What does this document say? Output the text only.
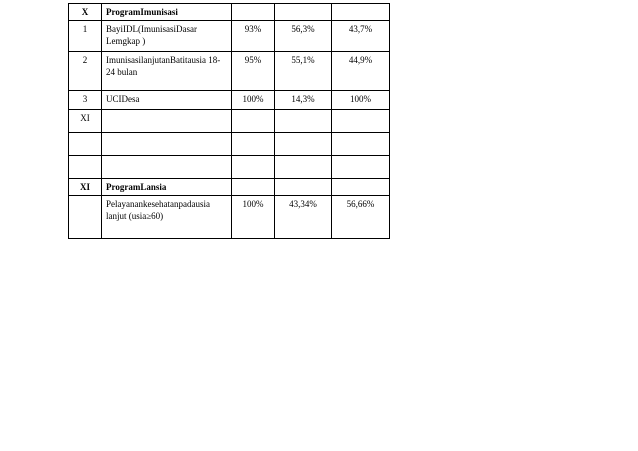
X	ProgramImunisasi			
1	BayiIDL(ImunisasiDasar Lemgkap )	93%	56,3%	43,7%
2	ImunisasilanjutanBatitausia 18-24 bulan	95%	55,1%	44,9%
3	UCIDesa	100%	14,3%	100%
XI				

XI	ProgramLansia			
	Pelayanankesehatanpadausia lanjut (usia≥60)	100%	43,34%	56,66%
